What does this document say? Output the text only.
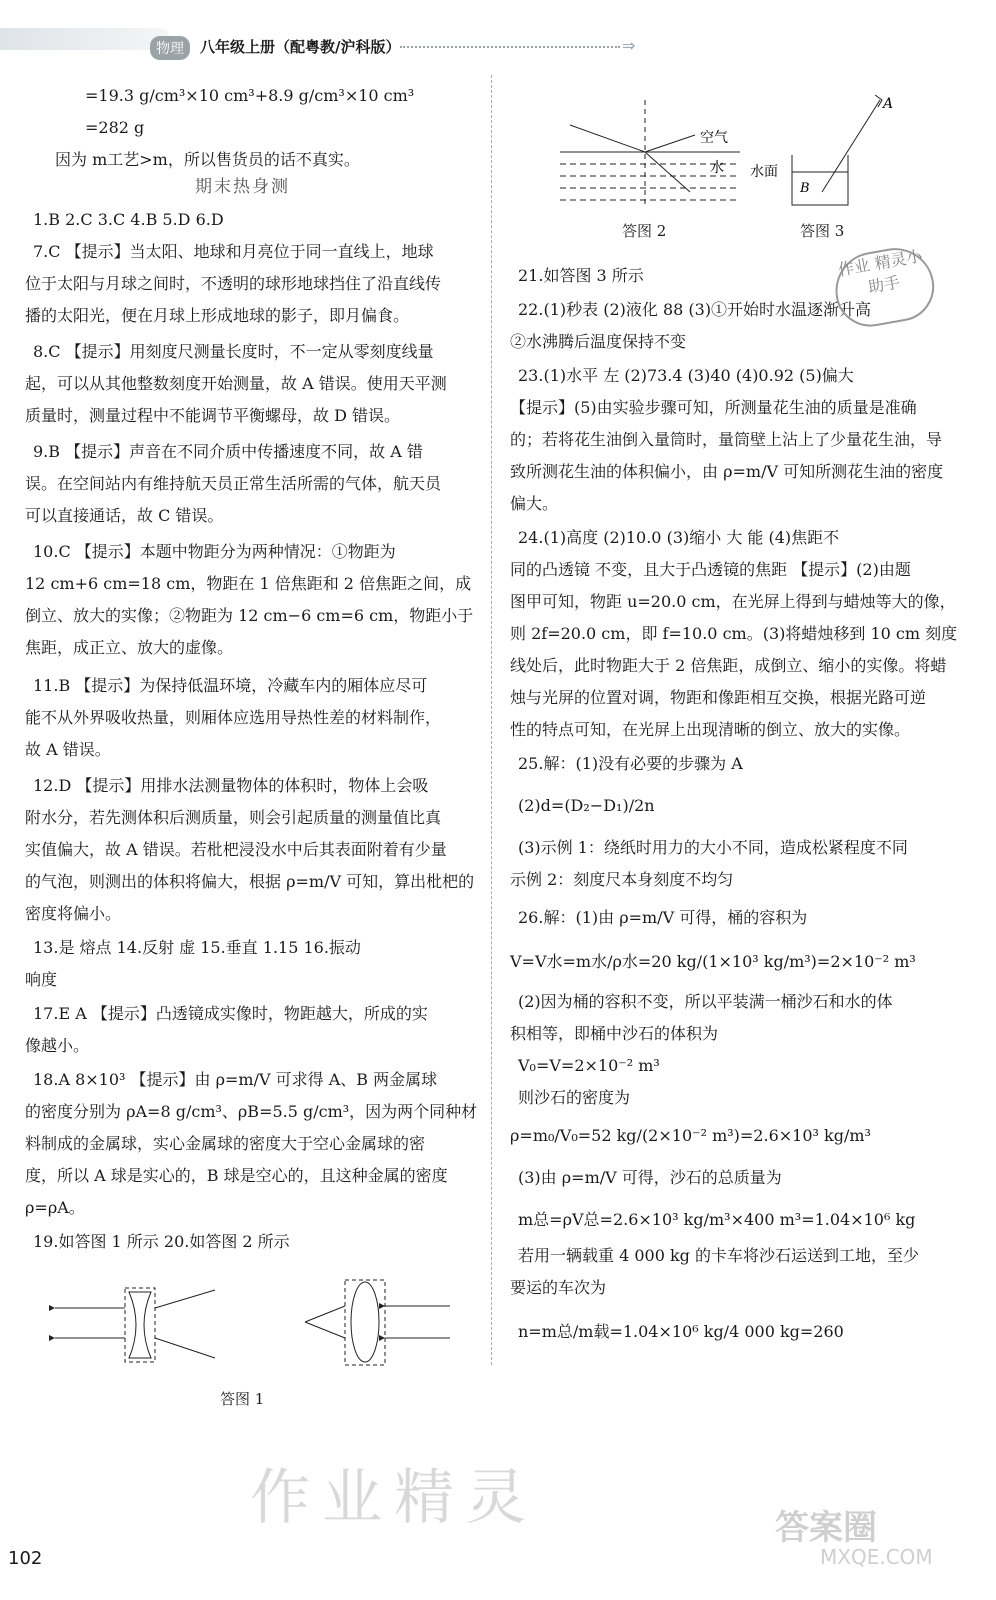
物理	八年级上册（配粤教/沪科版）	⇒
=19.3 g/cm³×10 cm³+8.9 g/cm³×10 cm³
=282 g
因为 m工艺>m，所以售货员的话不真实。
期末热身测
1.B 2.C 3.C 4.B 5.D 6.D
7.C 【提示】当太阳、地球和月亮位于同一直线上，地球
位于太阳与月球之间时，不透明的球形地球挡住了沿直线传
播的太阳光，便在月球上形成地球的影子，即月偏食。
8.C 【提示】用刻度尺测量长度时，不一定从零刻度线量
起，可以从其他整数刻度开始测量，故 A 错误。使用天平测
质量时，测量过程中不能调节平衡螺母，故 D 错误。
9.B 【提示】声音在不同介质中传播速度不同，故 A 错
误。在空间站内有维持航天员正常生活所需的气体，航天员
可以直接通话，故 C 错误。
10.C 【提示】本题中物距分为两种情况：①物距为
12 cm+6 cm=18 cm，物距在 1 倍焦距和 2 倍焦距之间，成
倒立、放大的实像；②物距为 12 cm−6 cm=6 cm，物距小于
焦距，成正立、放大的虚像。
11.B 【提示】为保持低温环境，冷藏车内的厢体应尽可
能不从外界吸收热量，则厢体应选用导热性差的材料制作，
故 A 错误。
12.D 【提示】用排水法测量物体的体积时，物体上会吸
附水分，若先测体积后测质量，则会引起质量的测量值比真
实值偏大，故 A 错误。若枇杷浸没水中后其表面附着有少量
的气泡，则测出的体积将偏大，根据 ρ=m/V 可知，算出枇杷的
密度将偏小。
13.是 熔点 14.反射 虚 15.垂直 1.15 16.振动
响度
17.E A 【提示】凸透镜成实像时，物距越大，所成的实
像越小。
18.A 8×10³ 【提示】由 ρ=m/V 可求得 A、B 两金属球
的密度分别为 ρA=8 g/cm³、ρB=5.5 g/cm³，因为两个同种材
料制成的金属球，实心金属球的密度大于空心金属球的密
度，所以 A 球是实心的，B 球是空心的，且这种金属的密度
ρ=ρA。
19.如答图 1 所示 20.如答图 2 所示
答图 1
空气
水
答图 2
A
B
水面
答图 3
21.如答图 3 所示
22.(1)秒表 (2)液化 88 (3)①开始时水温逐渐升高
②水沸腾后温度保持不变
23.(1)水平 左 (2)73.4 (3)40 (4)0.92 (5)偏大
【提示】(5)由实验步骤可知，所测量花生油的质量是准确
的；若将花生油倒入量筒时，量筒壁上沾上了少量花生油，导
致所测花生油的体积偏小，由 ρ=m/V 可知所测花生油的密度
偏大。
24.(1)高度 (2)10.0 (3)缩小 大 能 (4)焦距不
同的凸透镜 不变，且大于凸透镜的焦距 【提示】(2)由题
图甲可知，物距 u=20.0 cm，在光屏上得到与蜡烛等大的像，
则 2f=20.0 cm，即 f=10.0 cm。(3)将蜡烛移到 10 cm 刻度
线处后，此时物距大于 2 倍焦距，成倒立、缩小的实像。将蜡
烛与光屏的位置对调，物距和像距相互交换，根据光路可逆
性的特点可知，在光屏上出现清晰的倒立、放大的实像。
25.解：(1)没有必要的步骤为 A
(2)d=(D₂−D₁)/2n
(3)示例 1：绕纸时用力的大小不同，造成松紧程度不同
示例 2：刻度尺本身刻度不均匀
26.解：(1)由 ρ=m/V 可得，桶的容积为
V=V水=m水/ρ水=20 kg/(1×10³ kg/m³)=2×10⁻² m³
(2)因为桶的容积不变，所以平装满一桶沙石和水的体
积相等，即桶中沙石的体积为
V₀=V=2×10⁻² m³
则沙石的密度为
ρ=m₀/V₀=52 kg/(2×10⁻² m³)=2.6×10³ kg/m³
(3)由 ρ=m/V 可得，沙石的总质量为
m总=ρV总=2.6×10³ kg/m³×400 m³=1.04×10⁶ kg
若用一辆载重 4 000 kg 的卡车将沙石运送到工地，至少
要运的车次为
n=m总/m载=1.04×10⁶ kg/4 000 kg=260
作业 精灵小助手
作业精灵	答案圈
MXQE.COM
102
